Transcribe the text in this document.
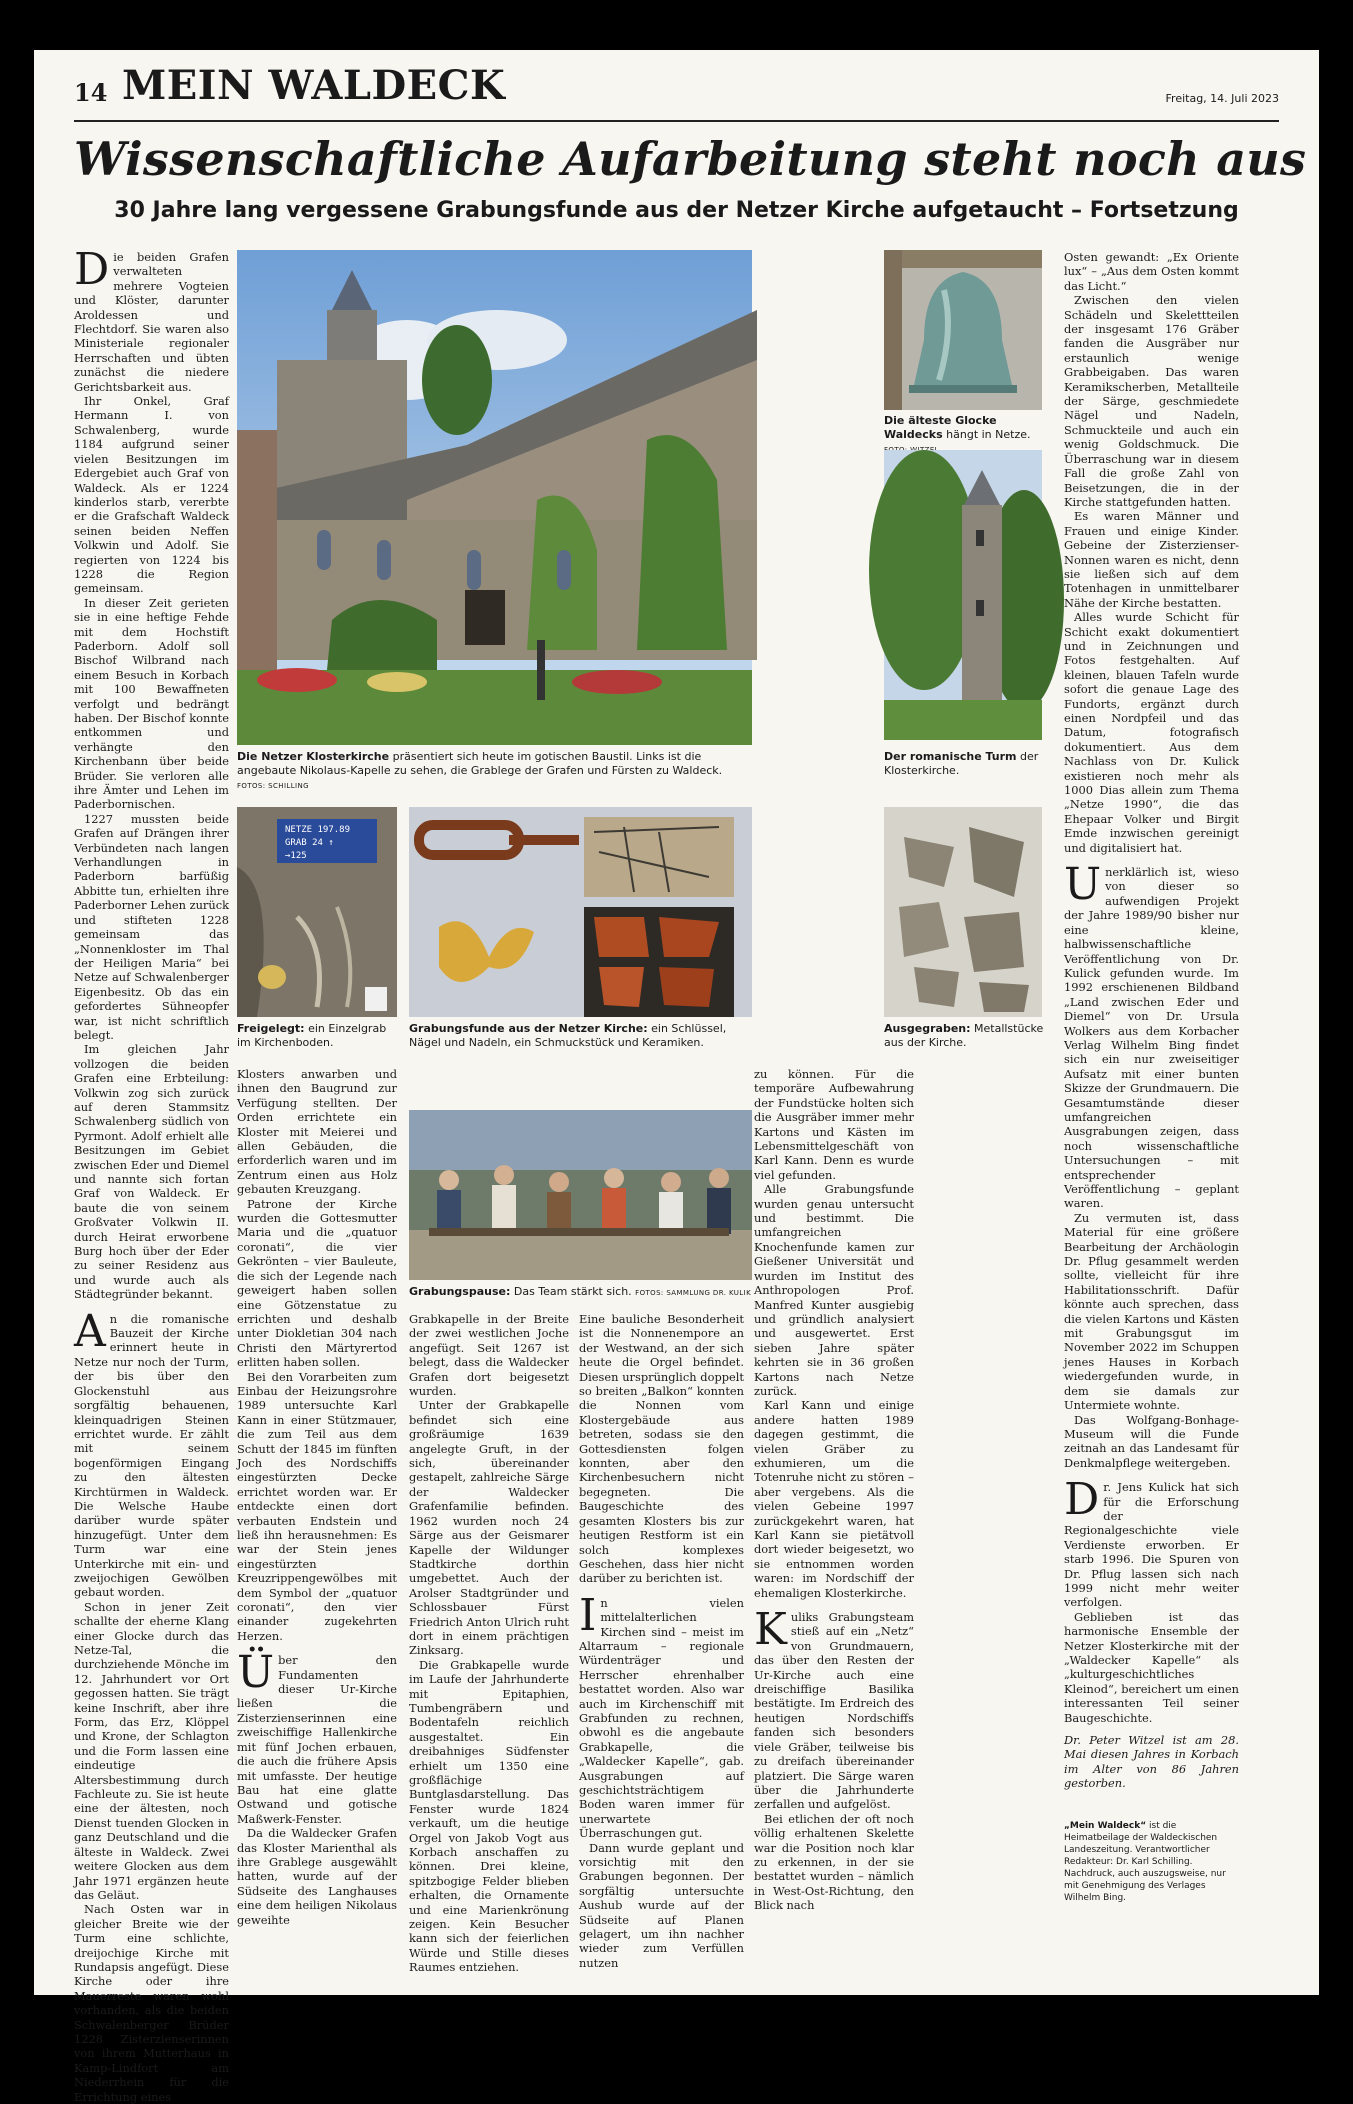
14 MEIN WALDECK	Freitag, 14. Juli 2023
Wissenschaftliche Aufarbeitung steht noch aus
30 Jahre lang vergessene Grabungsfunde aus der Netzer Kirche aufgetaucht – Fortsetzung

Die beiden Grafen verwalteten mehrere Vogteien und Klöster, darunter Aroldessen und Flechtdorf. Sie waren also Ministeriale regionaler Herrschaften und übten zunächst die niedere Gerichtsbarkeit aus.

Ihr Onkel, Graf Hermann I. von Schwalenberg, wurde 1184 aufgrund seiner vielen Besitzungen im Edergebiet auch Graf von Waldeck. Als er 1224 kinderlos starb, vererbte er die Grafschaft Waldeck seinen beiden Neffen Volkwin und Adolf. Sie regierten von 1224 bis 1228 die Region gemeinsam.

In dieser Zeit gerieten sie in eine heftige Fehde mit dem Hochstift Paderborn. Adolf soll Bischof Wilbrand nach einem Besuch in Korbach mit 100 Bewaffneten verfolgt und bedrängt haben. Der Bischof konnte entkommen und verhängte den Kirchenbann über beide Brüder. Sie verloren alle ihre Ämter und Lehen im Paderbornischen.

1227 mussten beide Grafen auf Drängen ihrer Verbündeten nach langen Verhandlungen in Paderborn barfüßig Abbitte tun, erhielten ihre Paderborner Lehen zurück und stifteten 1228 gemeinsam das „Nonnenkloster im Thal der Heiligen Maria“ bei Netze auf Schwalenberger Eigenbesitz. Ob das ein gefordertes Sühneopfer war, ist nicht schriftlich belegt.

Im gleichen Jahr vollzogen die beiden Grafen eine Erbteilung: Volkwin zog sich zurück auf deren Stammsitz Schwalenberg südlich von Pyrmont. Adolf erhielt alle Besitzungen im Gebiet zwischen Eder und Diemel und nannte sich fortan Graf von Waldeck. Er baute die von seinem Großvater Volkwin II. durch Heirat erworbene Burg hoch über der Eder zu seiner Residenz aus und wurde auch als Städtegründer bekannt.

An die romanische Bauzeit der Kirche erinnert heute in Netze nur noch der Turm, der bis über den Glockenstuhl aus sorgfältig behauenen, kleinquadrigen Steinen errichtet wurde. Er zählt mit seinem bogenförmigen Eingang zu den ältesten Kirchtürmen in Waldeck. Die Welsche Haube darüber wurde später hinzugefügt. Unter dem Turm war eine Unterkirche mit ein- und zweijochigen Gewölben gebaut worden.

Schon in jener Zeit schallte der eherne Klang einer Glocke durch das Netze-Tal, die durchziehende Mönche im 12. Jahrhundert vor Ort gegossen hatten. Sie trägt keine Inschrift, aber ihre Form, das Erz, Klöppel und Krone, der Schlagton und die Form lassen eine eindeutige Altersbestimmung durch Fachleute zu. Sie ist heute eine der ältesten, noch Dienst tuenden Glocken in ganz Deutschland und die älteste in Waldeck. Zwei weitere Glocken aus dem Jahr 1971 ergänzen heute das Geläut.

Nach Osten war in gleicher Breite wie der Turm eine schlichte, dreijochige Kirche mit Rundapsis angefügt. Diese Kirche oder ihre Mauerreste waren wohl vorhanden, als die beiden Schwalenberger Brüder 1228 Zisterzienserinnen von ihrem Mutterhaus in Kamp-Lindfort am Niederrhein für die Errichtung eines

Die Netzer Klosterkirche präsentiert sich heute im gotischen Baustil. Links ist die angebaute Nikolaus-Kapelle zu sehen, die Grablege der Grafen und Fürsten zu Waldeck. FOTOS: SCHILLING
Die älteste Glocke Waldecks hängt in Netze.
Der romanische Turm der Klosterkirche.
NETZE 197.89
GRAB 24 ↑
→125
Freigelegt: ein Einzelgrab im Kirchenboden.
Grabungsfunde aus der Netzer Kirche: ein Schlüssel, Nägel und Nadeln, ein Schmuckstück und Keramiken.
Ausgegraben: Metallstücke aus der Kirche.

Klosters anwarben und ihnen den Baugrund zur Verfügung stellten. Der Orden errichtete ein Kloster mit Meierei und allen Gebäuden, die erforderlich waren und im Zentrum einen aus Holz gebauten Kreuzgang.

Patrone der Kirche wurden die Gottesmutter Maria und die „quatuor coronati“, die vier Gekrönten – vier Bauleute, die sich der Legende nach geweigert haben sollen eine Götzenstatue zu errichten und deshalb unter Diokletian 304 nach Christi den Märtyrertod erlitten haben sollen.

Bei den Vorarbeiten zum Einbau der Heizungsrohre 1989 untersuchte Karl Kann in einer Stützmauer, die zum Teil aus dem Schutt der 1845 im fünften Joch des Nordschiffs eingestürzten Decke errichtet worden war. Er entdeckte einen dort verbauten Endstein und ließ ihn herausnehmen: Es war der Stein jenes eingestürzten Kreuzrippengewölbes mit dem Symbol der „quatuor coronati“, den vier einander zugekehrten Herzen.

Über den Fundamenten dieser Ur-Kirche ließen die Zisterzienserinnen eine zweischiffige Hallenkirche mit fünf Jochen erbauen, die auch die frühere Apsis mit umfasste. Der heutige Bau hat eine glatte Ostwand und gotische Maßwerk-Fenster.

Da die Waldecker Grafen das Kloster Marienthal als ihre Grablege ausgewählt hatten, wurde auf der Südseite des Langhauses eine dem heiligen Nikolaus geweihte

Grabungspause: Das Team stärkt sich. FOTOS: SAMMLUNG DR. KULIK

Grabkapelle in der Breite der zwei westlichen Joche angefügt. Seit 1267 ist belegt, dass die Waldecker Grafen dort beigesetzt wurden.

Unter der Grabkapelle befindet sich eine großräumige 1639 angelegte Gruft, in der sich, übereinander gestapelt, zahlreiche Särge der Waldecker Grafenfamilie befinden. 1962 wurden noch 24 Särge aus der Geismarer Kapelle der Wildunger Stadtkirche dorthin umgebettet. Auch der Arolser Stadtgründer und Schlossbauer Fürst Friedrich Anton Ulrich ruht dort in einem prächtigen Zinksarg.

Die Grabkapelle wurde im Laufe der Jahrhunderte mit Epitaphien, Tumbengräbern und Bodentafeln reichlich ausgestaltet. Ein dreibahniges Südfenster erhielt um 1350 eine großflächige Buntglasdarstellung. Das Fenster wurde 1824 verkauft, um die heutige Orgel von Jakob Vogt aus Korbach anschaffen zu können. Drei kleine, spitzbogige Felder blieben erhalten, die Ornamente und eine Marienkrönung zeigen. Kein Besucher kann sich der feierlichen Würde und Stille dieses Raumes entziehen.

Eine bauliche Besonderheit ist die Nonnenempore an der Westwand, an der sich heute die Orgel befindet. Diesen ursprünglich doppelt so breiten „Balkon“ konnten die Nonnen vom Klostergebäude aus betreten, sodass sie den Gottesdiensten folgen konnten, aber den Kirchenbesuchern nicht begegneten. Die Baugeschichte des gesamten Klosters bis zur heutigen Restform ist ein solch komplexes Geschehen, dass hier nicht darüber zu berichten ist.

In vielen mittelalterlichen Kirchen sind – meist im Altarraum – regionale Würdenträger und Herrscher ehrenhalber bestattet worden. Also war auch im Kirchenschiff mit Grabfunden zu rechnen, obwohl es die angebaute Grabkapelle, die „Waldecker Kapelle“, gab. Ausgrabungen auf geschichtsträchtigem Boden waren immer für unerwartete Überraschungen gut.

Dann wurde geplant und vorsichtig mit den Grabungen begonnen. Der sorgfältig untersuchte Aushub wurde auf der Südseite auf Planen gelagert, um ihn nachher wieder zum Verfüllen nutzen

zu können. Für die temporäre Aufbewahrung der Fundstücke holten sich die Ausgräber immer mehr Kartons und Kästen im Lebensmittelgeschäft von Karl Kann. Denn es wurde viel gefunden.

Alle Grabungsfunde wurden genau untersucht und bestimmt. Die umfangreichen Knochenfunde kamen zur Gießener Universität und wurden im Institut des Anthropologen Prof. Manfred Kunter ausgiebig und gründlich analysiert und ausgewertet. Erst sieben Jahre später kehrten sie in 36 großen Kartons nach Netze zurück.

Karl Kann und einige andere hatten 1989 dagegen gestimmt, die vielen Gräber zu exhumieren, um die Totenruhe nicht zu stören – aber vergebens. Als die vielen Gebeine 1997 zurückgekehrt waren, hat Karl Kann sie pietätvoll dort wieder beigesetzt, wo sie entnommen worden waren: im Nordschiff der ehemaligen Klosterkirche.

Kuliks Grabungsteam stieß auf ein „Netz“ von Grundmauern, das über den Resten der Ur-Kirche auch eine dreischiffige Basilika bestätigte. Im Erdreich des heutigen Nordschiffs fanden sich besonders viele Gräber, teilweise bis zu dreifach übereinander platziert. Die Särge waren über die Jahrhunderte zerfallen und aufgelöst.

Bei etlichen der oft noch völlig erhaltenen Skelette war die Position noch klar zu erkennen, in der sie bestattet wurden – nämlich in West-Ost-Richtung, den Blick nach

Osten gewandt: „Ex Oriente lux“ – „Aus dem Osten kommt das Licht.“

Zwischen den vielen Schädeln und Skelettteilen der insgesamt 176 Gräber fanden die Ausgräber nur erstaunlich wenige Grabbeigaben. Das waren Keramikscherben, Metallteile der Särge, geschmiedete Nägel und Nadeln, Schmuckteile und auch ein wenig Goldschmuck. Die Überraschung war in diesem Fall die große Zahl von Beisetzungen, die in der Kirche stattgefunden hatten.

Es waren Männer und Frauen und einige Kinder. Gebeine der Zisterzienser-Nonnen waren es nicht, denn sie ließen sich auf dem Totenhagen in unmittelbarer Nähe der Kirche bestatten.

Alles wurde Schicht für Schicht exakt dokumentiert und in Zeichnungen und Fotos festgehalten. Auf kleinen, blauen Tafeln wurde sofort die genaue Lage des Fundorts, ergänzt durch einen Nordpfeil und das Datum, fotografisch dokumentiert. Aus dem Nachlass von Dr. Kulick existieren noch mehr als 1000 Dias allein zum Thema „Netze 1990“, die das Ehepaar Volker und Birgit Emde inzwischen gereinigt und digitalisiert hat.

Unerklärlich ist, wieso von dieser so aufwendigen Projekt der Jahre 1989/90 bisher nur eine kleine, halbwissenschaftliche Veröffentlichung von Dr. Kulick gefunden wurde. Im 1992 erschienenen Bildband „Land zwischen Eder und Diemel“ von Dr. Ursula Wolkers aus dem Korbacher Verlag Wilhelm Bing findet sich ein nur zweiseitiger Aufsatz mit einer bunten Skizze der Grundmauern. Die Gesamtumstände dieser umfangreichen Ausgrabungen zeigen, dass noch wissenschaftliche Untersuchungen – mit entsprechender Veröffentlichung – geplant waren.

Zu vermuten ist, dass Material für eine größere Bearbeitung der Archäologin Dr. Pflug gesammelt werden sollte, vielleicht für ihre Habilitationsschrift. Dafür könnte auch sprechen, dass die vielen Kartons und Kästen mit Grabungsgut im November 2022 im Schuppen jenes Hauses in Korbach wiedergefunden wurde, in dem sie damals zur Untermiete wohnte.

Das Wolfgang-Bonhage-Museum will die Funde zeitnah an das Landesamt für Denkmalpflege weitergeben.

Dr. Jens Kulick hat sich für die Erforschung der Regionalgeschichte viele Verdienste erworben. Er starb 1996. Die Spuren von Dr. Pflug lassen sich nach 1999 nicht mehr weiter verfolgen.

Geblieben ist das harmonische Ensemble der Netzer Klosterkirche mit der „Waldecker Kapelle“ als „kulturgeschichtliches Kleinod“, bereichert um einen interessanten Teil seiner Baugeschichte.

Dr. Peter Witzel ist am 28. Mai diesen Jahres in Korbach im Alter von 86 Jahren gestorben.

„Mein Waldeck“ ist die Heimatbeilage der Waldeckischen Landeszeitung. Verantwortlicher Redakteur: Dr. Karl Schilling. Nachdruck, auch auszugsweise, nur mit Genehmigung des Verlages Wilhelm Bing.
